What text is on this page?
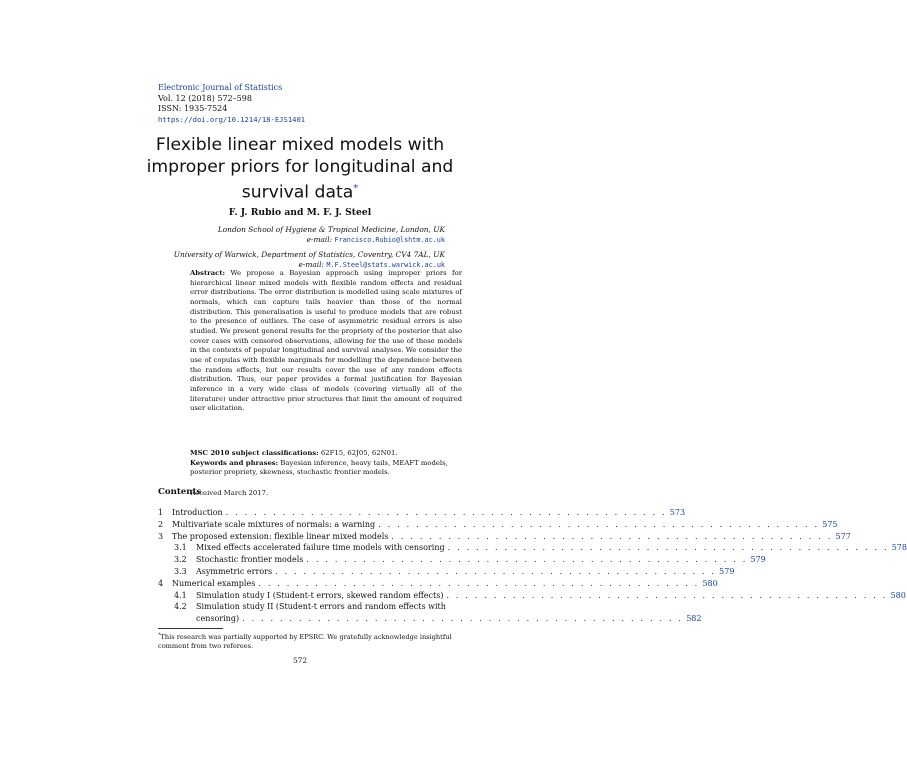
Electronic Journal of Statistics
Vol. 12 (2018) 572–598
ISSN: 1935-7524
https://doi.org/10.1214/18-EJS1401
Flexible linear mixed models with
improper priors for longitudinal and
survival data*
F. J. Rubio and M. F. J. Steel
London School of Hygiene & Tropical Medicine, London, UK
e-mail: Francisco.Rubio@lshtm.ac.uk
University of Warwick, Department of Statistics, Coventry, CV4 7AL, UK
e-mail: M.F.Steel@stats.warwick.ac.uk
Abstract: We propose a Bayesian approach using improper priors for hierarchical linear mixed models with flexible random effects and residual error distributions. The error distribution is modelled using scale mixtures of normals, which can capture tails heavier than those of the normal distribution. This generalisation is useful to produce models that are robust to the presence of outliers. The case of asymmetric residual errors is also studied. We present general results for the propriety of the posterior that also cover cases with censored observations, allowing for the use of these models in the contexts of popular longitudinal and survival analyses. We consider the use of copulas with flexible marginals for modelling the dependence between the random effects, but our results cover the use of any random effects distribution. Thus, our paper provides a formal justification for Bayesian inference in a very wide class of models (covering virtually all of the literature) under attractive prior structures that limit the amount of required user elicitation.
MSC 2010 subject classifications: 62F15, 62J05, 62N01.
Keywords and phrases: Bayesian inference, heavy tails, MEAFT models, posterior propriety, skewness, stochastic frontier models.
Received March 2017.
Contents
1	Introduction . . . . . . . . . . . . . . . . . . . . . . . . . . . . . . . . . . . . . . . . . . . . . . . 573
2	Multivariate scale mixtures of normals: a warning . . . . . . . . . . . . . . . . . . . . . . . . . . . . . . . . . . . . . . . . . . . . . . . 575
3	The proposed extension: flexible linear mixed models . . . . . . . . . . . . . . . . . . . . . . . . . . . . . . . . . . . . . . . . . . . . . . . 577
3.1	Mixed effects accelerated failure time models with censoring . . . . . . . . . . . . . . . . . . . . . . . . . . . . . . . . . . . . . . . . . . . . . . . 578
3.2	Stochastic frontier models . . . . . . . . . . . . . . . . . . . . . . . . . . . . . . . . . . . . . . . . . . . . . . . 579
3.3	Asymmetric errors . . . . . . . . . . . . . . . . . . . . . . . . . . . . . . . . . . . . . . . . . . . . . . . 579
4	Numerical examples . . . . . . . . . . . . . . . . . . . . . . . . . . . . . . . . . . . . . . . . . . . . . . . 580
4.1	Simulation study I (Student-t errors, skewed random effects) . . . . . . . . . . . . . . . . . . . . . . . . . . . . . . . . . . . . . . . . . . . . . . . 580
4.2	Simulation study II (Student-t errors and random effects with
censoring) . . . . . . . . . . . . . . . . . . . . . . . . . . . . . . . . . . . . . . . . . . . . . . . 582
*This research was partially supported by EPSRC. We gratefully acknowledge insightful comment from two referees.
572
